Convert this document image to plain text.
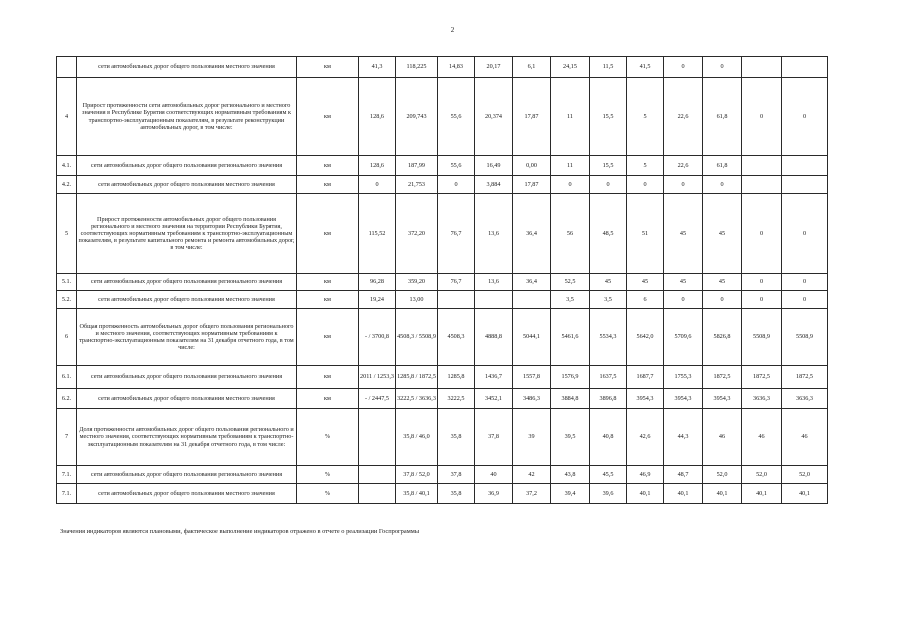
2
	сети автомобильных дорог общего пользования местного значения	км	41,3	118,225	14,83	20,17	6,1	24,15	11,5	41,5	0	0		
4	Прирост протяженности сети автомобильных дорог регионального и местного значения в Республике Бурятия соответствующих нормативным требованиям к транспортно-эксплуатационным показателям, в результате реконструкции автомобильных дорог, в том числе:	км	128,6	209,743	55,6	20,374	17,87	11	15,5	5	22,6	61,8	0	0
4.1.	сети автомобильных дорог общего пользования регионального значения	км	128,6	187,99	55,6	16,49	0,00	11	15,5	5	22,6	61,8		
4.2.	сети автомобильных дорог общего пользования местного значения	км	0	21,753	0	3,884	17,87	0	0	0	0	0		
5	Прирост протяженности автомобильных дорог общего пользования регионального и местного значения на территории Республики Бурятия, соответствующих нормативным требованиям к транспортно-эксплуатационным показателям, в результате капитального ремонта и ремонта автомобильных дорог, в том числе:	км	115,52	372,20	76,7	13,6	36,4	56	48,5	51	45	45	0	0
5.1.	сети автомобильных дорог общего пользования регионального значения	км	96,28	359,20	76,7	13,6	36,4	52,5	45	45	45	45	0	0
5.2.	сети автомобильных дорог общего пользования местного значения	км	19,24	13,00				3,5	3,5	6	0	0	0	0
6	Общая протяженность автомобильных дорог общего пользования регионального и местного значения, соответствующих нормативным требованиям к транспортно-эксплуатационным показателям на 31 декабря отчетного года, в том числе:	км	- / 3700,8	4508,3 / 5508,9	4508,3	4888,8	5044,1	5461,6	5534,3	5642,0	5709,6	5826,8	5508,9	5508,9
6.1.	сети автомобильных дорог общего пользования регионального значения	км	2011 / 1253,3	1285,8 / 1872,5	1285,8	1436,7	1557,8	1576,9	1637,5	1687,7	1755,3	1872,5	1872,5	1872,5
6.2.	сети автомобильных дорог общего пользования местного значения	км	- / 2447,5	3222,5 / 3636,3	3222,5	3452,1	3486,3	3884,8	3896,8	3954,3	3954,3	3954,3	3636,3	3636,3
7	Доля протяженности автомобильных дорог общего пользования регионального и местного значения, соответствующих нормативным требованиям к транспортно-эксплуатационным показателям на 31 декабря отчетного года, в том числе:	%		35,8 / 46,0	35,8	37,8	39	39,5	40,8	42,6	44,3	46	46	46
7.1.	сети автомобильных дорог общего пользования регионального значения	%		37,8 / 52,0	37,8	40	42	43,8	45,5	46,9	48,7	52,0	52,0	52,0
7.1.	сети автомобильных дорог общего пользования местного значения	%		35,8 / 40,1	35,8	36,9	37,2	39,4	39,6	40,1	40,1	40,1	40,1	40,1
Значения индикаторов являются плановыми, фактическое выполнение индикаторов отражено в отчете о реализации Госпрограммы
